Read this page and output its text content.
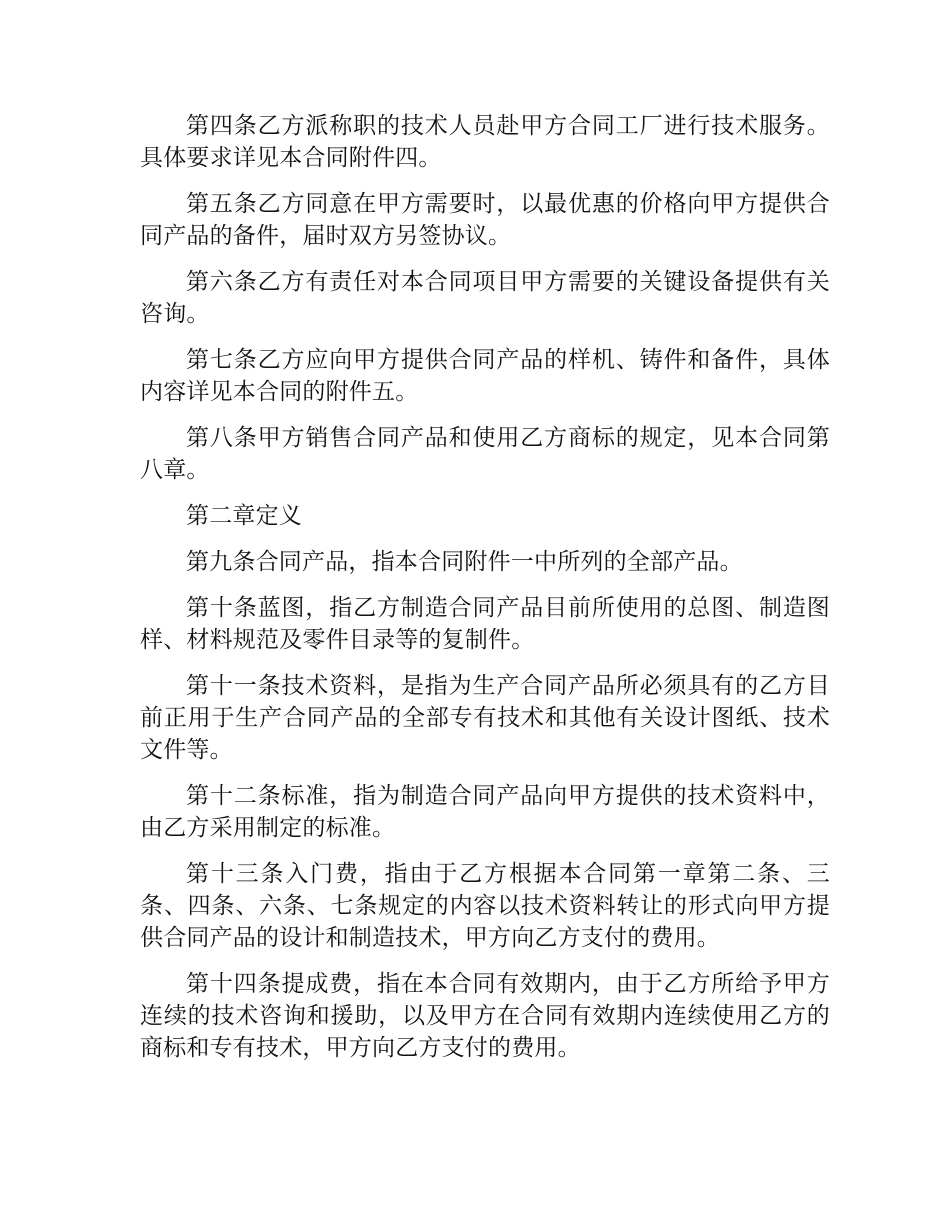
第四条乙方派称职的技术人员赴甲方合同工厂进行技术服务。具体要求详见本合同附件四。

第五条乙方同意在甲方需要时，以最优惠的价格向甲方提供合同产品的备件，届时双方另签协议。

第六条乙方有责任对本合同项目甲方需要的关键设备提供有关咨询。

第七条乙方应向甲方提供合同产品的样机、铸件和备件，具体内容详见本合同的附件五。

第八条甲方销售合同产品和使用乙方商标的规定，见本合同第八章。

第二章定义

第九条合同产品，指本合同附件一中所列的全部产品。

第十条蓝图，指乙方制造合同产品目前所使用的总图、制造图样、材料规范及零件目录等的复制件。

第十一条技术资料，是指为生产合同产品所必须具有的乙方目前正用于生产合同产品的全部专有技术和其他有关设计图纸、技术文件等。

第十二条标准，指为制造合同产品向甲方提供的技术资料中，由乙方采用制定的标准。

第十三条入门费，指由于乙方根据本合同第一章第二条、三条、四条、六条、七条规定的内容以技术资料转让的形式向甲方提供合同产品的设计和制造技术，甲方向乙方支付的费用。

第十四条提成费，指在本合同有效期内，由于乙方所给予甲方连续的技术咨询和援助，以及甲方在合同有效期内连续使用乙方的商标和专有技术，甲方向乙方支付的费用。
